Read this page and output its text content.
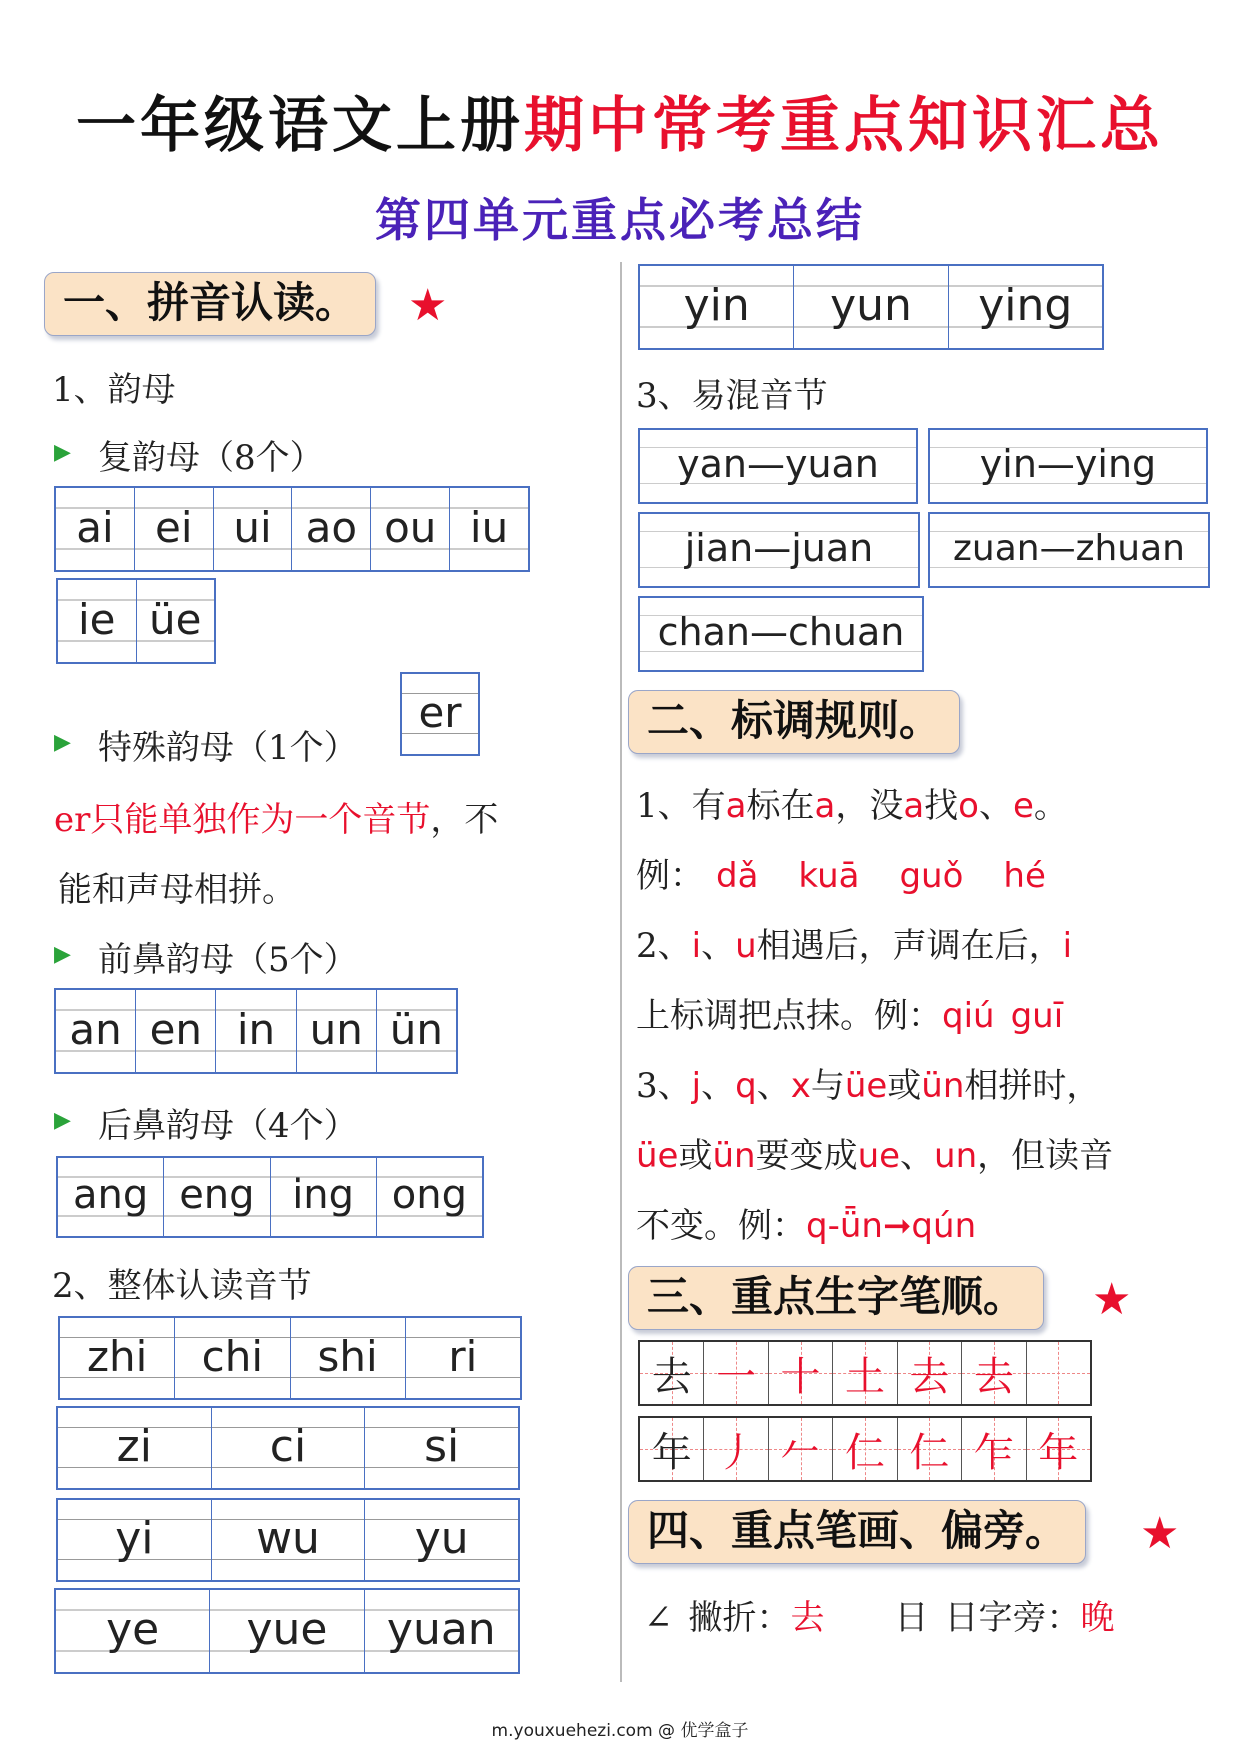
一年级语文上册期中常考重点知识汇总
第四单元重点必考总结
一、拼音认读。	★
1、韵母
▶ 复韵母（8个）
ai ei ui ao ou iu
ie üe
▶ 特殊韵母（1个）
er
er只能单独作为一个音节，不
能和声母相拼。
▶ 前鼻韵母（5个）
an en in un ün
▶ 后鼻韵母（4个）
ang eng ing ong
2、整体认读音节
zhi chi shi ri
zi	ci	si
yi wu yu
ye yue yuan
yin yun ying
3、易混音节
yan—yuan	yin—ying
jian—juan zuan—zhuan
chan—chuan
二、标调规则。
1、有a标在a，没a找o、e。
例： dǎ kuā guǒ hé
2、i、u相遇后，声调在后，i
上标调把点抹。例：qiú guī
3、j、q、x与üe或ün相拼时，
üe或ün要变成ue、un，但读音
不变。例：q-ǖn➞qún
三、重点生字笔顺。	★
去 一 十 土 去 去
年 丿 𠂉 仁 仁 乍 年
四、重点笔画、偏旁。	★
∠ 撇折：去 日 日字旁：晚
m.youxuehezi.com @ 优学盒子
